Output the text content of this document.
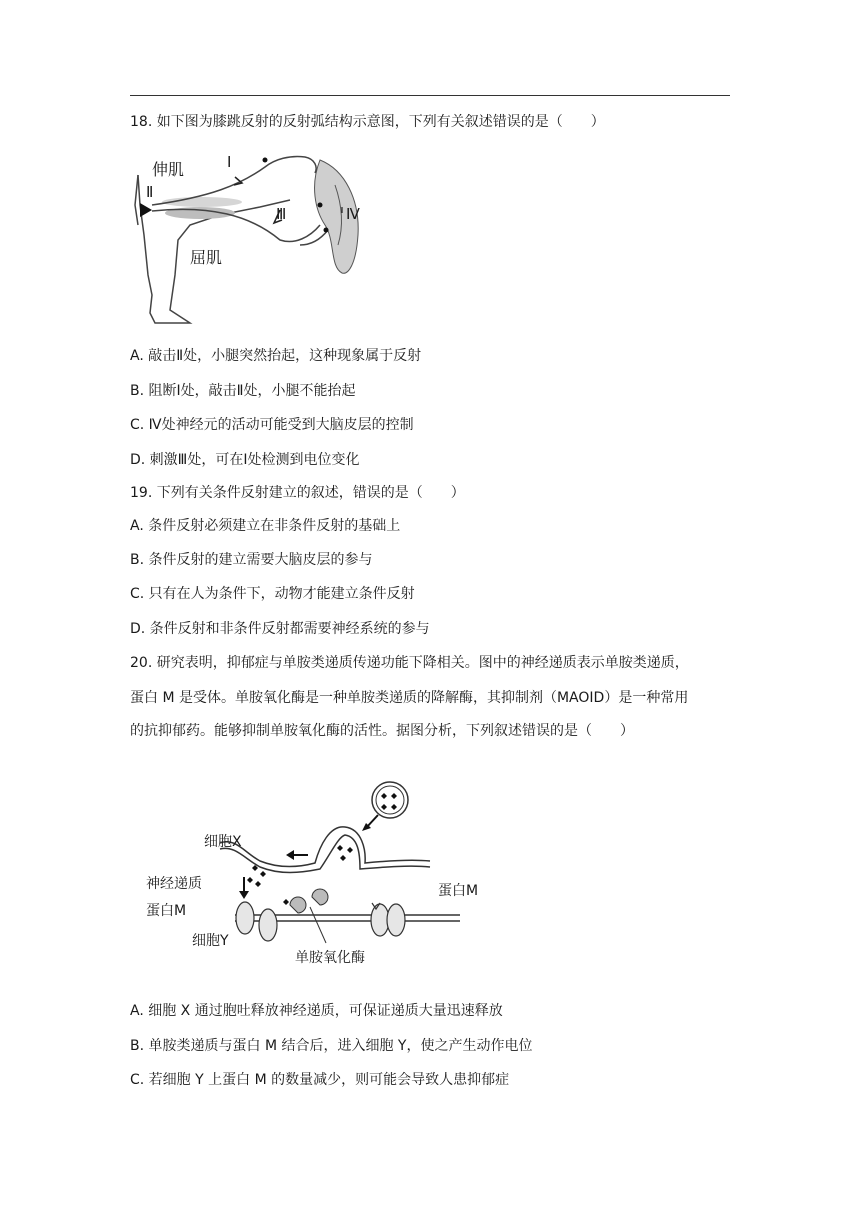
18. 如下图为膝跳反射的反射弧结构示意图，下列有关叙述错误的是（　　）
伸肌
屈肌
Ⅰ
Ⅱ
Ⅲ	Ⅳ
A. 敲击Ⅱ处，小腿突然抬起，这种现象属于反射
B. 阻断Ⅰ处，敲击Ⅱ处，小腿不能抬起
C. Ⅳ处神经元的活动可能受到大脑皮层的控制
D. 刺激Ⅲ处，可在Ⅰ处检测到电位变化
19. 下列有关条件反射建立的叙述，错误的是（　　）
A. 条件反射必须建立在非条件反射的基础上
B. 条件反射的建立需要大脑皮层的参与
C. 只有在人为条件下，动物才能建立条件反射
D. 条件反射和非条件反射都需要神经系统的参与
20. 研究表明，抑郁症与单胺类递质传递功能下降相关。图中的神经递质表示单胺类递质，
蛋白 M 是受体。单胺氧化酶是一种单胺类递质的降解酶，其抑制剂（MAOID）是一种常用
的抗抑郁药。能够抑制单胺氧化酶的活性。据图分析，下列叙述错误的是（　　）
细胞X
神经递质
蛋白M
细胞Y
蛋白M
单胺氧化酶
A. 细胞 X 通过胞吐释放神经递质，可保证递质大量迅速释放
B. 单胺类递质与蛋白 M 结合后，进入细胞 Y，使之产生动作电位
C. 若细胞 Y 上蛋白 M 的数量减少，则可能会导致人患抑郁症
